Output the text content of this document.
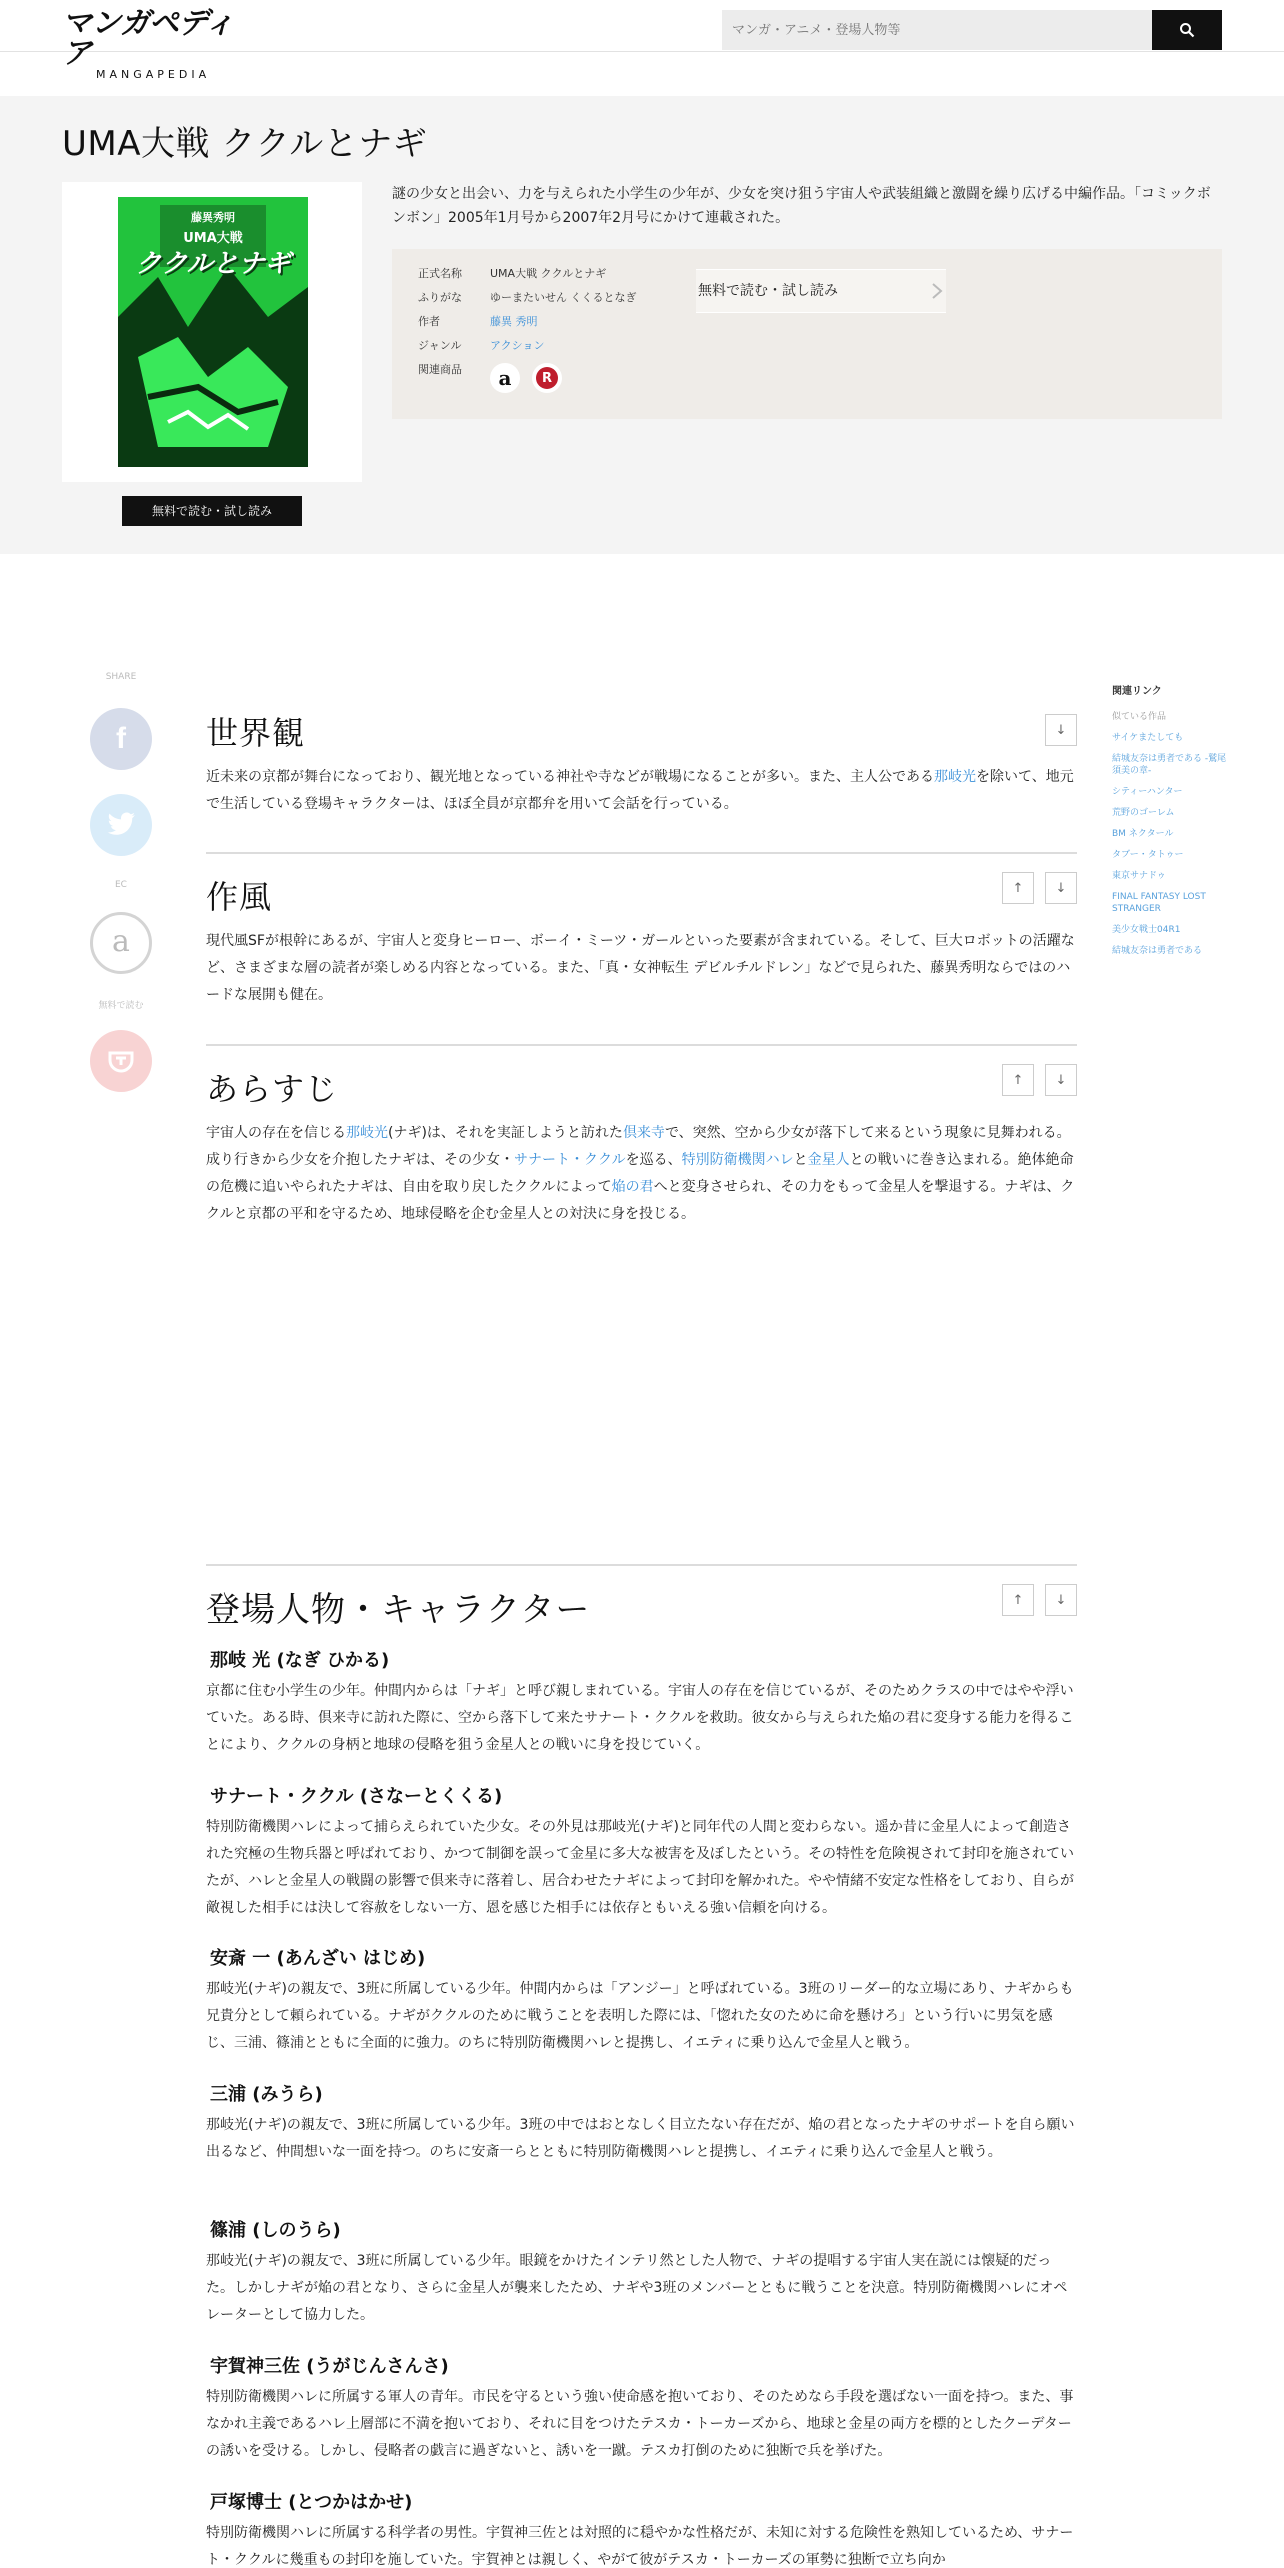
マンガペディア
MANGAPEDIA
マンガ・アニメ・登場人物等
UMA大戦 ククルとナギ
藤異秀明
UMA大戦
ククルとナギ
無料で読む・試し読み

謎の少女と出会い、力を与えられた小学生の少年が、少女を突け狙う宇宙人や武装組織と激闘を繰り広げる中編作品。「コミックボンボン」2005年1月号から2007年2月号にかけて連載された。

正式名称	UMA大戦 ククルとナギ
ふりがな	ゆーまたいせん くくるとなぎ
作者	藤異 秀明
ジャンル	アクション
関連商品	a	R
無料で読む・試し読み
SHARE
f
EC
a
無料で読む
世界観	↓

近未来の京都が舞台になっており、観光地となっている神社や寺などが戦場になることが多い。また、主人公である那岐光を除いて、地元で生活している登場キャラクターは、ほぼ全員が京都弁を用いて会話を行っている。

作風	↑ ↓

現代風SFが根幹にあるが、宇宙人と変身ヒーロー、ボーイ・ミーツ・ガールといった要素が含まれている。そして、巨大ロボットの活躍など、さまざまな層の読者が楽しめる内容となっている。また、「真・女神転生 デビルチルドレン」などで見られた、藤異秀明ならではのハードな展開も健在。

あらすじ	↑ ↓

宇宙人の存在を信じる那岐光(ナギ)は、それを実証しようと訪れた倶来寺で、突然、空から少女が落下して来るという現象に見舞われる。成り行きから少女を介抱したナギは、その少女・サナート・ククルを巡る、特別防衛機関ハレと金星人との戦いに巻き込まれる。絶体絶命の危機に追いやられたナギは、自由を取り戻したククルによって焔の君へと変身させられ、その力をもって金星人を撃退する。ナギは、ククルと京都の平和を守るため、地球侵略を企む金星人との対決に身を投じる。

登場人物・キャラクター	↑ ↓
那岐 光 (なぎ ひかる)

京都に住む小学生の少年。仲間内からは「ナギ」と呼び親しまれている。宇宙人の存在を信じているが、そのためクラスの中ではやや浮いていた。ある時、倶来寺に訪れた際に、空から落下して来たサナート・ククルを救助。彼女から与えられた焔の君に変身する能力を得ることにより、ククルの身柄と地球の侵略を狙う金星人との戦いに身を投じていく。

サナート・ククル (さなーとくくる)

特別防衛機関ハレによって捕らえられていた少女。その外見は那岐光(ナギ)と同年代の人間と変わらない。遥か昔に金星人によって創造された究極の生物兵器と呼ばれており、かつて制御を誤って金星に多大な被害を及ぼしたという。その特性を危険視されて封印を施されていたが、ハレと金星人の戦闘の影響で倶来寺に落着し、居合わせたナギによって封印を解かれた。やや情緒不安定な性格をしており、自らが敵視した相手には決して容赦をしない一方、恩を感じた相手には依存ともいえる強い信頼を向ける。

安斎 一 (あんざい はじめ)

那岐光(ナギ)の親友で、3班に所属している少年。仲間内からは「アンジー」と呼ばれている。3班のリーダー的な立場にあり、ナギからも兄貴分として頼られている。ナギがククルのために戦うことを表明した際には、「惚れた女のために命を懸けろ」という行いに男気を感じ、三浦、篠浦とともに全面的に強力。のちに特別防衛機関ハレと提携し、イエティに乗り込んで金星人と戦う。

三浦 (みうら)

那岐光(ナギ)の親友で、3班に所属している少年。3班の中ではおとなしく目立たない存在だが、焔の君となったナギのサポートを自ら願い出るなど、仲間想いな一面を持つ。のちに安斎一らとともに特別防衛機関ハレと提携し、イエティに乗り込んで金星人と戦う。

篠浦 (しのうら)

那岐光(ナギ)の親友で、3班に所属している少年。眼鏡をかけたインテリ然とした人物で、ナギの提唱する宇宙人実在説には懐疑的だった。しかしナギが焔の君となり、さらに金星人が襲来したため、ナギや3班のメンバーとともに戦うことを決意。特別防衛機関ハレにオペレーターとして協力した。

宇賀神三佐 (うがじんさんさ)

特別防衛機関ハレに所属する軍人の青年。市民を守るという強い使命感を抱いており、そのためなら手段を選ばない一面を持つ。また、事なかれ主義であるハレ上層部に不満を抱いており、それに目をつけたテスカ・トーカーズから、地球と金星の両方を標的としたクーデターの誘いを受ける。しかし、侵略者の戯言に過ぎないと、誘いを一蹴。テスカ打倒のために独断で兵を挙げた。

戸塚博士 (とつかはかせ)

特別防衛機関ハレに所属する科学者の男性。宇賀神三佐とは対照的に穏やかな性格だが、未知に対する危険性を熟知しているため、サナート・ククルに幾重もの封印を施していた。宇賀神とは親しく、やがて彼がテスカ・トーカーズの軍勢に独断で立ち向か

関連リンク
似ている作品
サイケまたしても
結城友奈は勇者である -鷲尾須美の章-
シティーハンター
荒野のゴーレム
BM ネクタール
タブー・タトゥー
東京サナドゥ
FINAL FANTASY LOST STRANGER
美少女戦士04R1
結城友奈は勇者である
